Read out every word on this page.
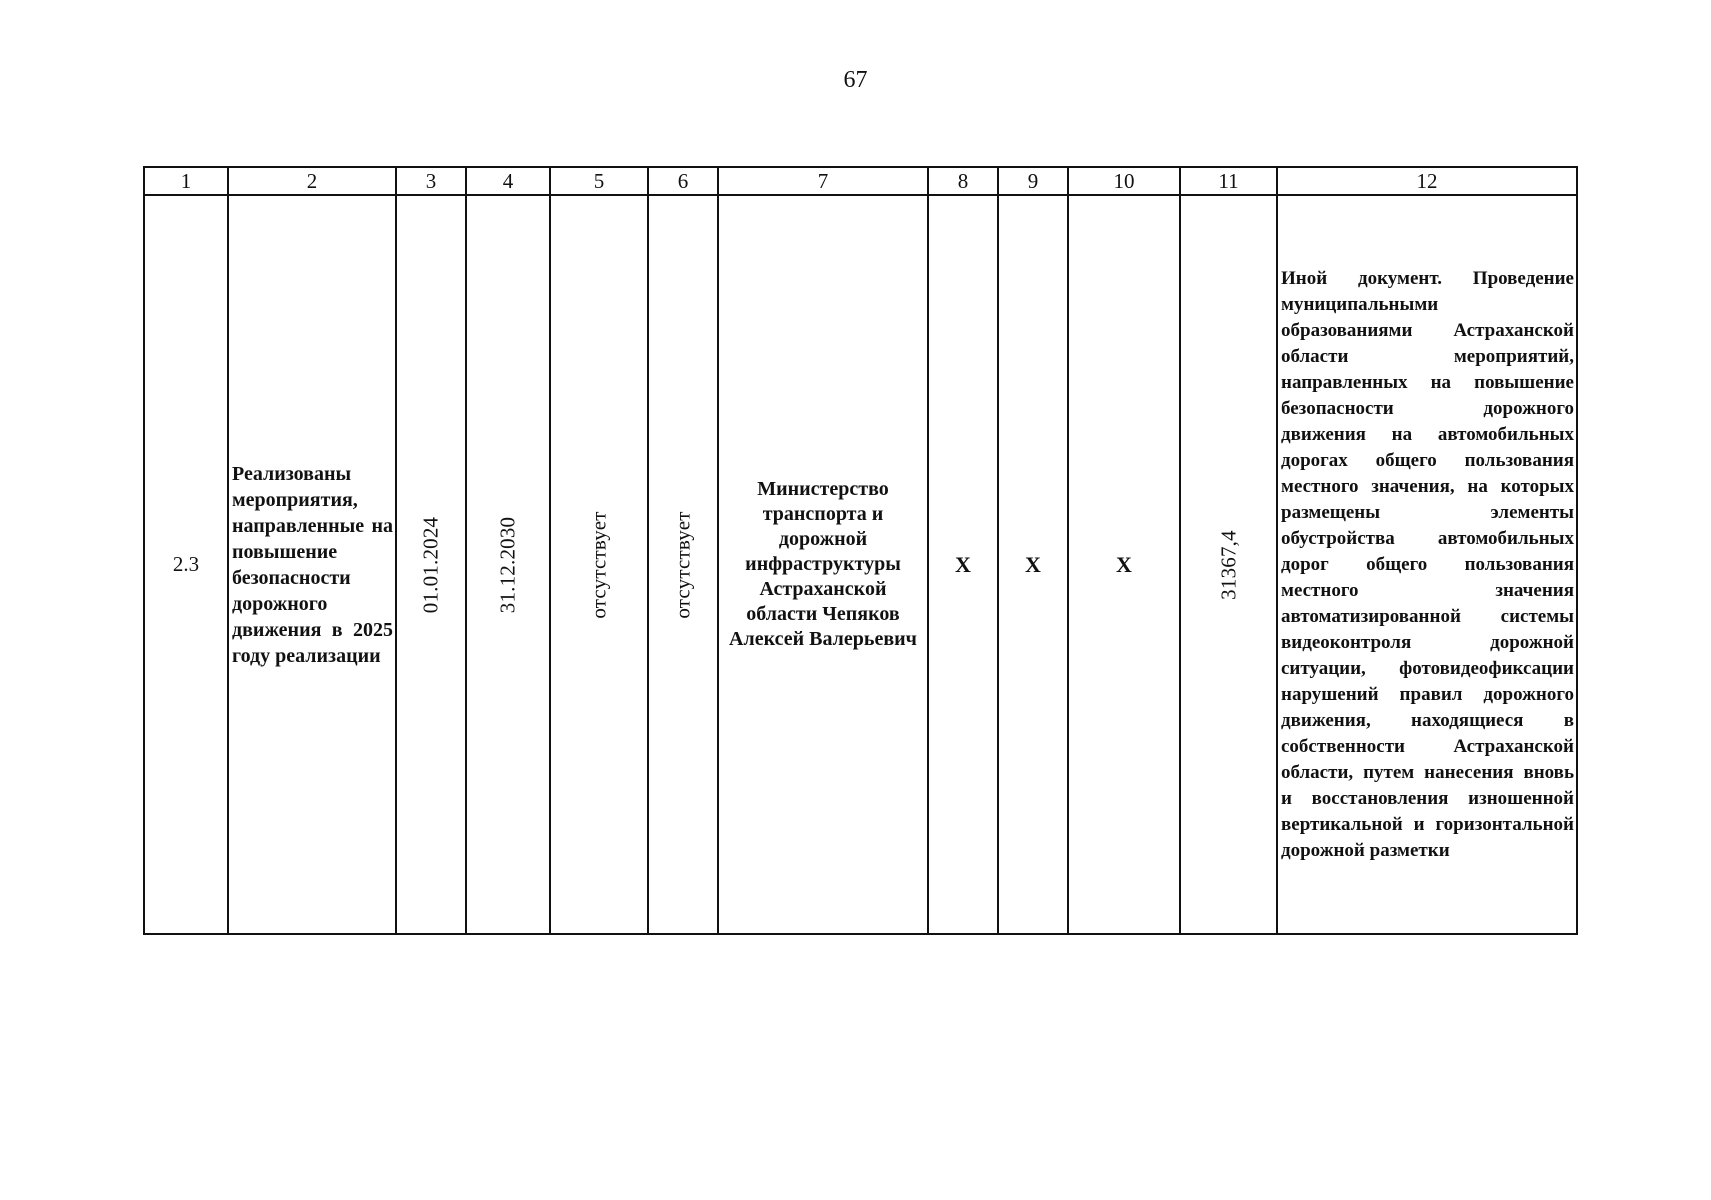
67
1	2	3	4	5	6	7	8	9	10	11	12
2.3	Реализованы мероприятия, направленные на повышение безопасности дорожного движения в 2025 году реализации	01.01.2024	31.12.2030	отсутствует	отсутствует	Министерство транспорта и дорожной инфраструктуры Астраханской области Чепяков Алексей Валерьевич	Х	Х	Х	31367,4	Иной документ. Проведение муниципальными образованиями Астраханской области мероприятий, направленных на повышение безопасности дорожного движения на автомобильных дорогах общего пользования местного значения, на которых размещены элементы обустройства автомобильных дорог общего пользования местного значения автоматизированной системы видеоконтроля дорожной ситуации, фотовидеофиксации нарушений правил дорожного движения, находящиеся в собственности Астраханской области, путем нанесения вновь и восстановления изношенной вертикальной и горизонтальной дорожной разметки
